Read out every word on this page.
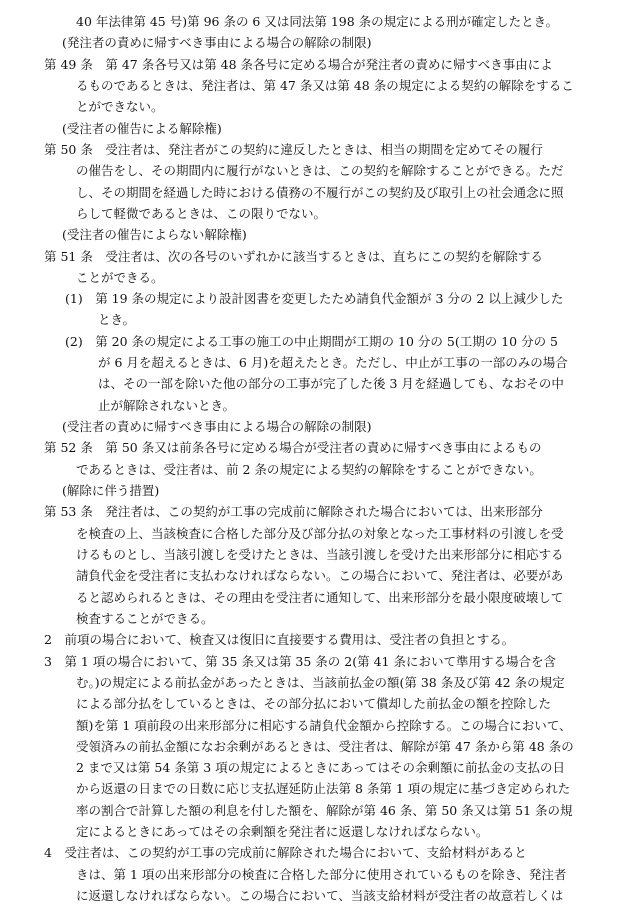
40 年法律第 45 号)第 96 条の 6 又は同法第 198 条の規定による刑が確定したとき。
(発注者の責めに帰すべき事由による場合の解除の制限)
第 49 条　第 47 条各号又は第 48 条各号に定める場合が発注者の責めに帰すべき事由によ
るものであるときは、発注者は、第 47 条又は第 48 条の規定による契約の解除をするこ
とができない。
(受注者の催告による解除権)
第 50 条　受注者は、発注者がこの契約に違反したときは、相当の期間を定めてその履行
の催告をし、その期間内に履行がないときは、この契約を解除することができる。ただ
し、その期間を経過した時における債務の不履行がこの契約及び取引上の社会通念に照
らして軽微であるときは、この限りでない。
(受注者の催告によらない解除権)
第 51 条　受注者は、次の各号のいずれかに該当するときは、直ちにこの契約を解除する
ことができる。
(1)　第 19 条の規定により設計図書を変更したため請負代金額が 3 分の 2 以上減少した
とき。
(2)　第 20 条の規定による工事の施工の中止期間が工期の 10 分の 5(工期の 10 分の 5
が 6 月を超えるときは、6 月)を超えたとき。ただし、中止が工事の一部のみの場合
は、その一部を除いた他の部分の工事が完了した後 3 月を経過しても、なおその中
止が解除されないとき。
(受注者の責めに帰すべき事由による場合の解除の制限)
第 52 条　第 50 条又は前条各号に定める場合が受注者の責めに帰すべき事由によるもの
であるときは、受注者は、前 2 条の規定による契約の解除をすることができない。
(解除に伴う措置)
第 53 条　発注者は、この契約が工事の完成前に解除された場合においては、出来形部分
を検査の上、当該検査に合格した部分及び部分払の対象となった工事材料の引渡しを受
けるものとし、当該引渡しを受けたときは、当該引渡しを受けた出来形部分に相応する
請負代金を受注者に支払わなければならない。この場合において、発注者は、必要があ
ると認められるときは、その理由を受注者に通知して、出来形部分を最小限度破壊して
検査することができる。
2　前項の場合において、検査又は復旧に直接要する費用は、受注者の負担とする。
3　第 1 項の場合において、第 35 条又は第 35 条の 2(第 41 条において準用する場合を含
む。)の規定による前払金があったときは、当該前払金の額(第 38 条及び第 42 条の規定
による部分払をしているときは、その部分払において償却した前払金の額を控除した
額)を第 1 項前段の出来形部分に相応する請負代金額から控除する。この場合において、
受領済みの前払金額になお余剰があるときは、受注者は、解除が第 47 条から第 48 条の
2 まで又は第 54 条第 3 項の規定によるときにあってはその余剰額に前払金の支払の日
から返還の日までの日数に応じ支払遅延防止法第 8 条第 1 項の規定に基づき定められた
率の割合で計算した額の利息を付した額を、解除が第 46 条、第 50 条又は第 51 条の規
定によるときにあってはその余剰額を発注者に返還しなければならない。
4　受注者は、この契約が工事の完成前に解除された場合において、支給材料があると
きは、第 1 項の出来形部分の検査に合格した部分に使用されているものを除き、発注者
に返還しなければならない。この場合において、当該支給材料が受注者の故意若しくは
